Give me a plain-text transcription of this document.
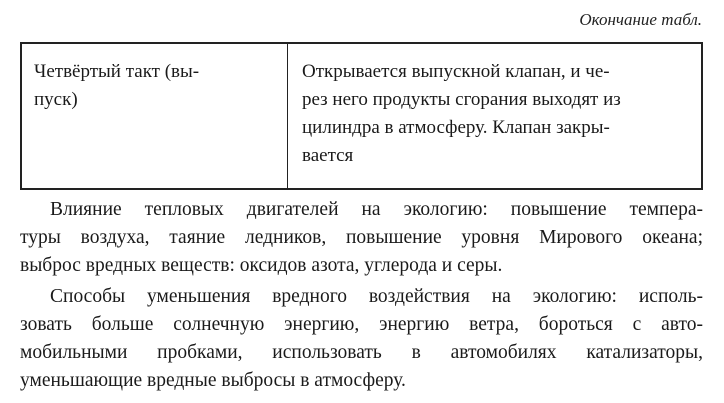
Окончание табл.
Четвёртый такт (вы-
пуск)
Открывается выпускной клапан, и че-
рез него продукты сгорания выходят из
цилиндра в атмосферу. Клапан закры-
вается
Влияние тепловых двигателей на экологию: повышение темпера-
туры воздуха, таяние ледников, повышение уровня Мирового океана;
выброс вредных веществ: оксидов азота, углерода и серы.
Способы уменьшения вредного воздействия на экологию: исполь-
зовать больше солнечную энергию, энергию ветра, бороться с авто-
мобильными пробками, использовать в автомобилях катализаторы,
уменьшающие вредные выбросы в атмосферу.
